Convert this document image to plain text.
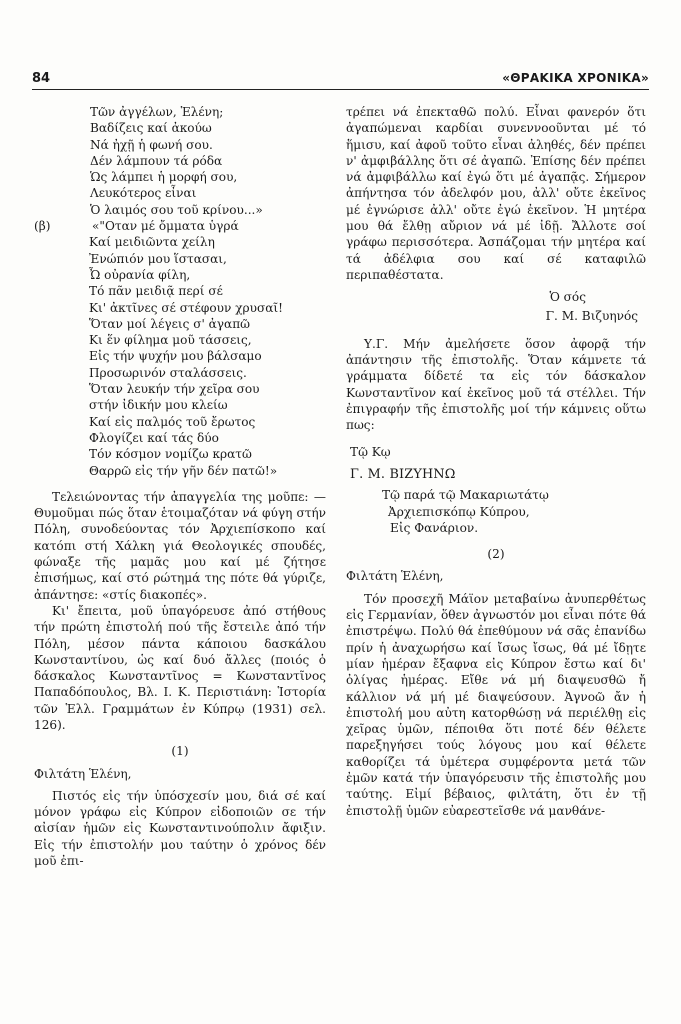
84	«ΘΡΑΚΙΚΑ ΧΡΟΝΙΚΑ»
Τῶν ἀγγέλων, Ἑλένη;
Βαδίζεις καί ἀκούω
Νά ἠχῇ ἡ φωνή σου.
Δέν λάμπουν τά ρόδα
Ὡς λάμπει ἡ μορφή σου,
Λευκότερος εἶναι
Ὁ λαιμός σου τοῦ κρίνου...»
(β)	«"Οταν μέ ὄμματα ὑγρά
Καί μειδιῶντα χείλη
Ἐνώπιόν μου ἵστασαι,
Ὦ οὐρανία φίλη,
Τό πᾶν μειδιᾷ περί σέ
Κι' ἀκτῖνες σέ στέφουν χρυσαῖ!
Ὅταν μοί λέγεις σ' ἀγαπῶ
Κι ἕν φίλημα μοῦ τάσσεις,
Εἰς τήν ψυχήν μου βάλσαμο
Προσωρινόν σταλάσσεις.
Ὅταν λευκήν τήν χεῖρα σου
στήν ἰδικήν μου κλείω
Καί εἰς παλμός τοῦ ἔρωτος
Φλογίζει καί τάς δύο
Τόν κόσμον νομίζω κρατῶ
Θαρρῶ εἰς τήν γῆν δέν πατῶ!»

Τελειώνοντας τήν ἀπαγγελία της μοῦπε: — Θυμοῦμαι πώς ὅταν ἑτοιμαζόταν νά φύγη στήν Πόλη, συνοδεύοντας τόν Ἀρχιεπίσκοπο καί κατόπι στή Χάλκη γιά Θεολογικές σπουδές, φώναξε τῆς μαμᾶς μου καί μέ ζήτησε ἐπισήμως, καί στό ρώτημά της πότε θά γύριζε, ἀπάντησε: «στίς διακοπές».

Κι' ἔπειτα, μοῦ ὑπαγόρευσε ἀπό στήθους τήν πρώτη ἐπιστολή πού τῆς ἔστειλε ἀπό τήν Πόλη, μέσον πάντα κάποιου δασκάλου Κωνσταντίνου, ὡς καί δυό ἄλλες (ποιός ὁ δάσκαλος Κωνσταντῖνος = Κωνσταντῖνος Παπαδόπουλος, Βλ. Ι. Κ. Περιστιάνη: Ἱστορία τῶν Ἑλλ. Γραμμάτων ἐν Κύπρῳ (1931) σελ. 126).

(1)
Φιλτάτη Ἑλένη,

Πιστός εἰς τήν ὑπόσχεσίν μου, διά σέ καί μόνον γράφω εἰς Κύπρον εἰδοποιῶν σε τήν αἰσίαν ἡμῶν εἰς Κωνσταντινούπολιν ἄφιξιν. Εἰς τήν ἐπιστολήν μου ταύτην ὁ χρόνος δέν μοῦ ἐπι-

τρέπει νά ἐπεκταθῶ πολύ. Εἶναι φανερόν ὅτι ἀγαπώμεναι καρδίαι συνεννοοῦνται μέ τό ἥμισυ, καί ἀφοῦ τοῦτο εἶναι ἀληθές, δέν πρέπει ν' ἀμφιβάλλης ὅτι σέ ἀγαπῶ. Ἐπίσης δέν πρέπει νά ἀμφιβάλλω καί ἐγώ ὅτι μέ ἀγαπᾷς. Σήμερον ἀπήντησα τόν ἀδελφόν μου, ἀλλ' οὔτε ἐκεῖνος μέ ἐγνώρισε ἀλλ' οὔτε ἐγώ ἐκεῖνον. Ἡ μητέρα μου θά ἔλθῃ αὔριον νά μέ ἰδῇ. Ἄλλοτε σοί γράφω περισσότερα. Ἀσπάζομαι τήν μητέρα καί τά ἀδέλφια σου καί σέ καταφιλῶ περιπαθέστατα.

Ὁ σός
Γ. Μ. Βιζυηνός

Υ.Γ. Μήν ἀμελήσετε ὅσον ἀφορᾷ τήν ἀπάντησιν τῆς ἐπιστολῆς. Ὅταν κάμνετε τά γράμματα δίδετέ τα εἰς τόν δάσκαλον Κωνσταντῖνον καί ἐκεῖνος μοῦ τά στέλλει. Τήν ἐπιγραφήν τῆς ἐπιστολῆς μοί τήν κάμνεις οὕτω πως:

Τῷ Κῳ
Γ. Μ. ΒΙΖΥΗΝΩ
Τῷ παρά τῷ Μακαριωτάτῳ
Ἀρχιεπισκόπῳ Κύπρου,
Εἰς Φανάριον.
(2)
Φιλτάτη Ἑλένη,

Τόν προσεχῆ Μάϊον μεταβαίνω ἀνυπερθέτως εἰς Γερμανίαν, ὅθεν ἀγνωστόν μοι εἶναι πότε θά ἐπιστρέψω. Πολύ θά ἐπεθύμουν νά σᾶς ἐπανίδω πρίν ἡ ἀναχωρήσω καί ἴσως ἴσως, θά μέ ἴδῃτε μίαν ἡμέραν ἔξαφνα εἰς Κύπρον ἔστω καί δι' ὀλίγας ἡμέρας. Εἴθε νά μή διαψευσθῶ ἤ κάλλιον νά μή μέ διαψεύσουν. Ἀγνοῶ ἄν ἡ ἐπιστολή μου αὐτη κατορθώσῃ νά περιέλθῃ εἰς χεῖρας ὑμῶν, πέποιθα ὅτι ποτέ δέν θέλετε παρεξηγήσει τούς λόγους μου καί θέλετε καθορίζει τά ὑμέτερα συμφέροντα μετά τῶν ἐμῶν κατά τήν ὑπαγόρευσιν τῆς ἐπιστολῆς μου ταύτης. Εἰμί βέβαιος, φιλτάτη, ὅτι ἐν τῇ ἐπιστολῇ ὑμῶν εὐαρεστεῖσθε νά μανθάνε-
